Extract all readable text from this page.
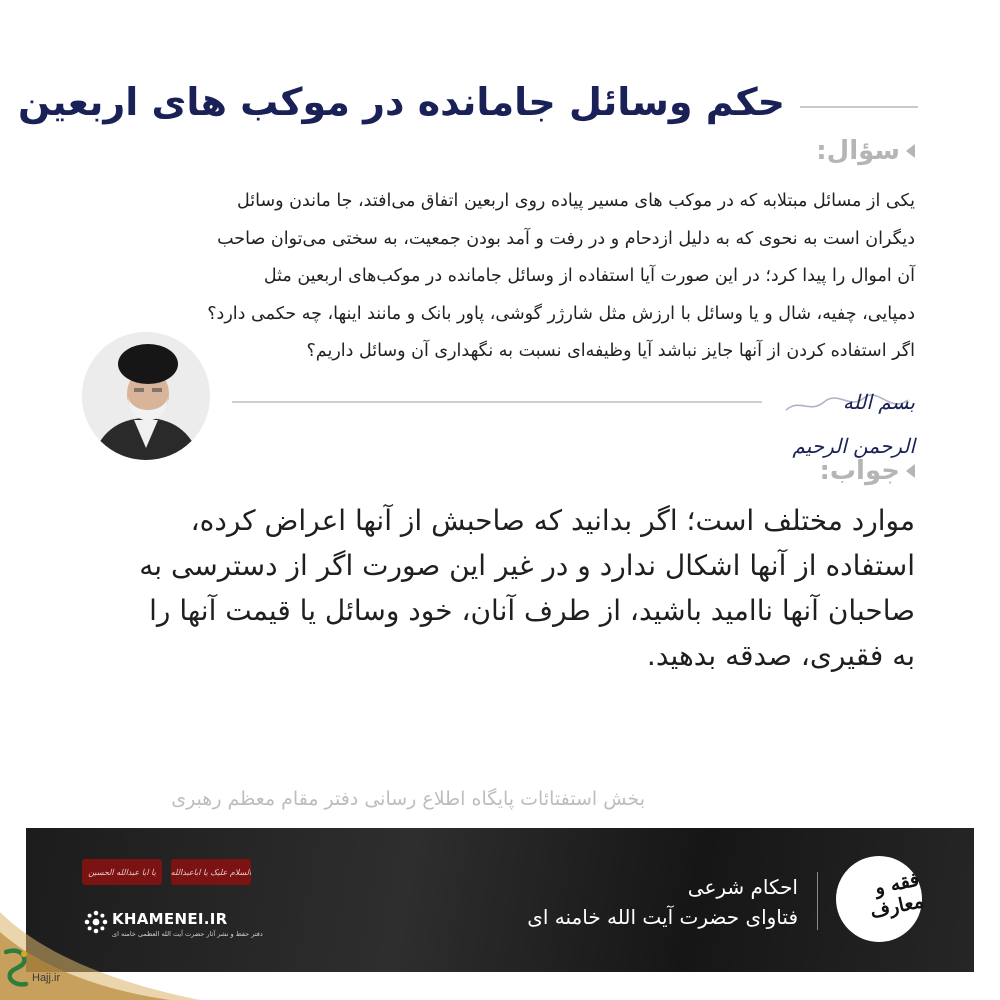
حکم وسائل جامانده در موکب های اربعین
سؤال:

یکی از مسائل مبتلابه که در موکب های مسیر پیاده روی اربعین اتفاق می‌افتد، جا ماندن وسائل

دیگران است به نحوی که به دلیل ازدحام و در رفت و آمد بودن جمعیت، به سختی می‌توان صاحب

آن اموال را پیدا کرد؛ در این صورت آیا استفاده از وسائل جامانده در موکب‌های اربعین مثل

دمپایی، چفیه، شال و یا وسائل با ارزش مثل شارژر گوشی، پاور بانک و مانند اینها، چه حکمی دارد؟

اگر استفاده کردن از آنها جایز نباشد آیا وظیفه‌ای نسبت به نگهداری آن وسائل داریم؟

بسم الله الرحمن الرحیم
جواب:

موارد مختلف است؛ اگر بدانید که صاحبش از آنها اعراض کرده،

استفاده از آنها اشکال ندارد و در غیر این صورت اگر از دسترسی به

صاحبان آنها ناامید باشید، از طرف آنان، خود وسائل یا قیمت آنها را

به فقیری، صدقه بدهید.

بخش استفتائات پایگاه اطلاع رسانی دفتر مقام معظم رهبری
فقه و معارف
احکام شرعی
فتاوای حضرت آیت الله خامنه ای
یا ابا عبدالله الحسین	السلام علیک یا اباعبدالله
KHAMENEI.IR
دفتر حفظ و نشر آثار حضرت آیت الله العظمی خامنه ای
Hajj.ir
